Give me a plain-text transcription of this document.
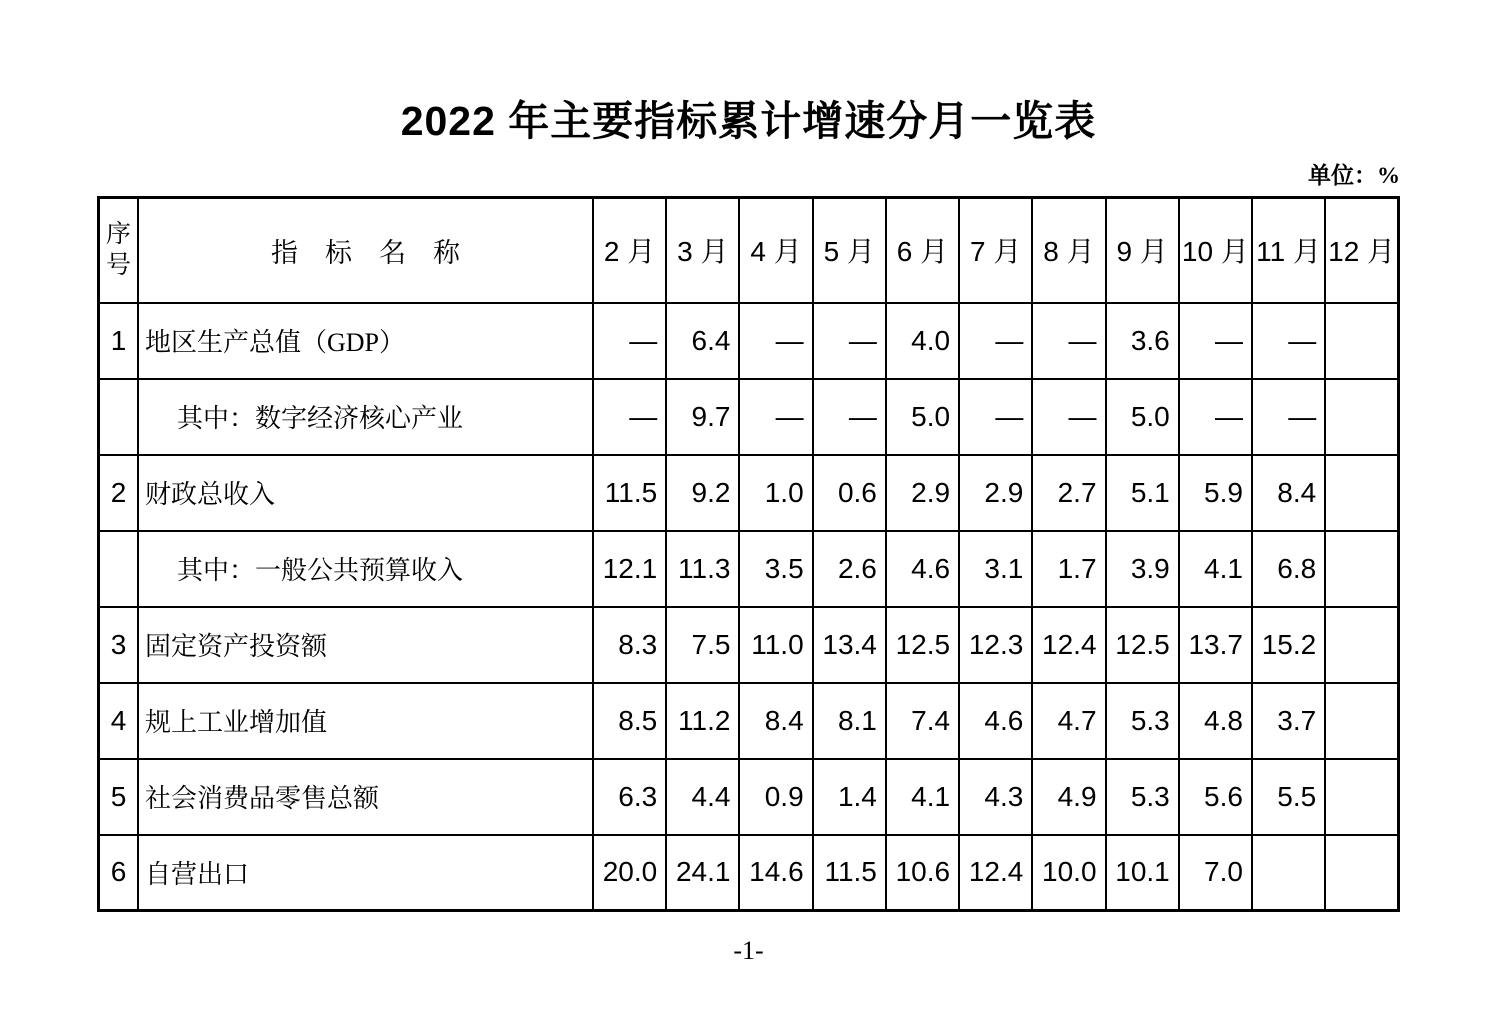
2022 年主要指标累计增速分月一览表
单位：%
序号	指　标　名　称	2 月	3 月	4 月	5 月	6 月	7 月	8 月	9 月	10 月	11 月	12 月
1	地区生产总值（GDP）	—	6.4	—	—	4.0	—	—	3.6	—	—	
	其中：数字经济核心产业	—	9.7	—	—	5.0	—	—	5.0	—	—	
2	财政总收入	11.5	9.2	1.0	0.6	2.9	2.9	2.7	5.1	5.9	8.4	
	其中：一般公共预算收入	12.1	11.3	3.5	2.6	4.6	3.1	1.7	3.9	4.1	6.8	
3	固定资产投资额	8.3	7.5	11.0	13.4	12.5	12.3	12.4	12.5	13.7	15.2	
4	规上工业增加值	8.5	11.2	8.4	8.1	7.4	4.6	4.7	5.3	4.8	3.7	
5	社会消费品零售总额	6.3	4.4	0.9	1.4	4.1	4.3	4.9	5.3	5.6	5.5	
6	自营出口	20.0	24.1	14.6	11.5	10.6	12.4	10.0	10.1	7.0		
-1-
